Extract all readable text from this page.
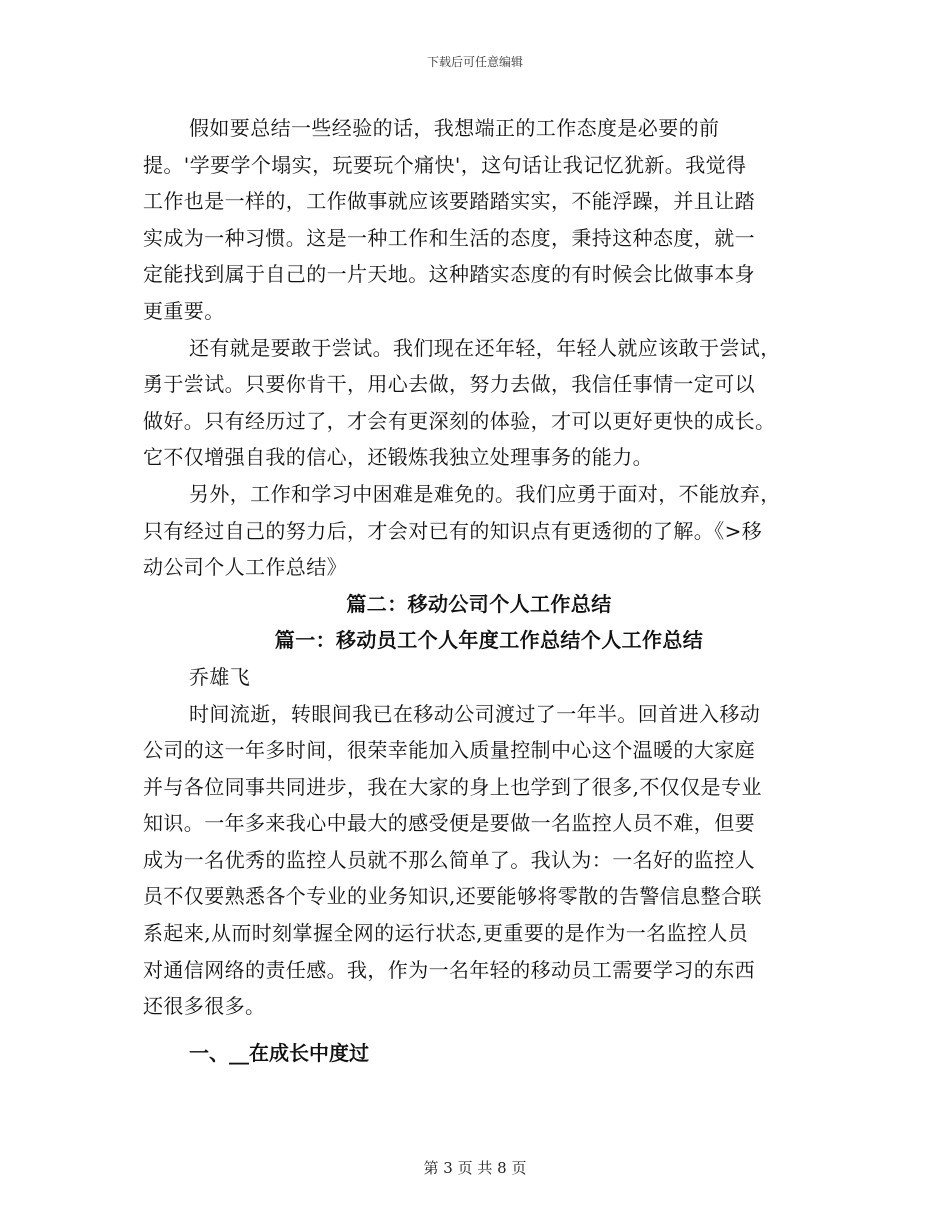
下载后可任意编辑
假如要总结一些经验的话，我想端正的工作态度是必要的前
提。'学要学个塌实，玩要玩个痛快'，这句话让我记忆犹新。我觉得
工作也是一样的，工作做事就应该要踏踏实实，不能浮躁，并且让踏
实成为一种习惯。这是一种工作和生活的态度，秉持这种态度，就一
定能找到属于自己的一片天地。这种踏实态度的有时候会比做事本身
更重要。
还有就是要敢于尝试。我们现在还年轻，年轻人就应该敢于尝试，
勇于尝试。只要你肯干，用心去做，努力去做，我信任事情一定可以
做好。只有经历过了，才会有更深刻的体验，才可以更好更快的成长。
它不仅增强自我的信心，还锻炼我独立处理事务的能力。
另外，工作和学习中困难是难免的。我们应勇于面对，不能放弃，
只有经过自己的努力后，才会对已有的知识点有更透彻的了解。《>移
动公司个人工作总结》
篇二：移动公司个人工作总结
篇一：移动员工个人年度工作总结个人工作总结
乔雄飞
时间流逝，转眼间我已在移动公司渡过了一年半。回首进入移动
公司的这一年多时间，很荣幸能加入质量控制中心这个温暖的大家庭
并与各位同事共同进步，我在大家的身上也学到了很多,不仅仅是专业
知识。一年多来我心中最大的感受便是要做一名监控人员不难，但要
成为一名优秀的监控人员就不那么简单了。我认为：一名好的监控人
员不仅要熟悉各个专业的业务知识,还要能够将零散的告警信息整合联
系起来,从而时刻掌握全网的运行状态,更重要的是作为一名监控人员
对通信网络的责任感。我，作为一名年轻的移动员工需要学习的东西
还很多很多。
一、__在成长中度过
第 3 页 共 8 页
